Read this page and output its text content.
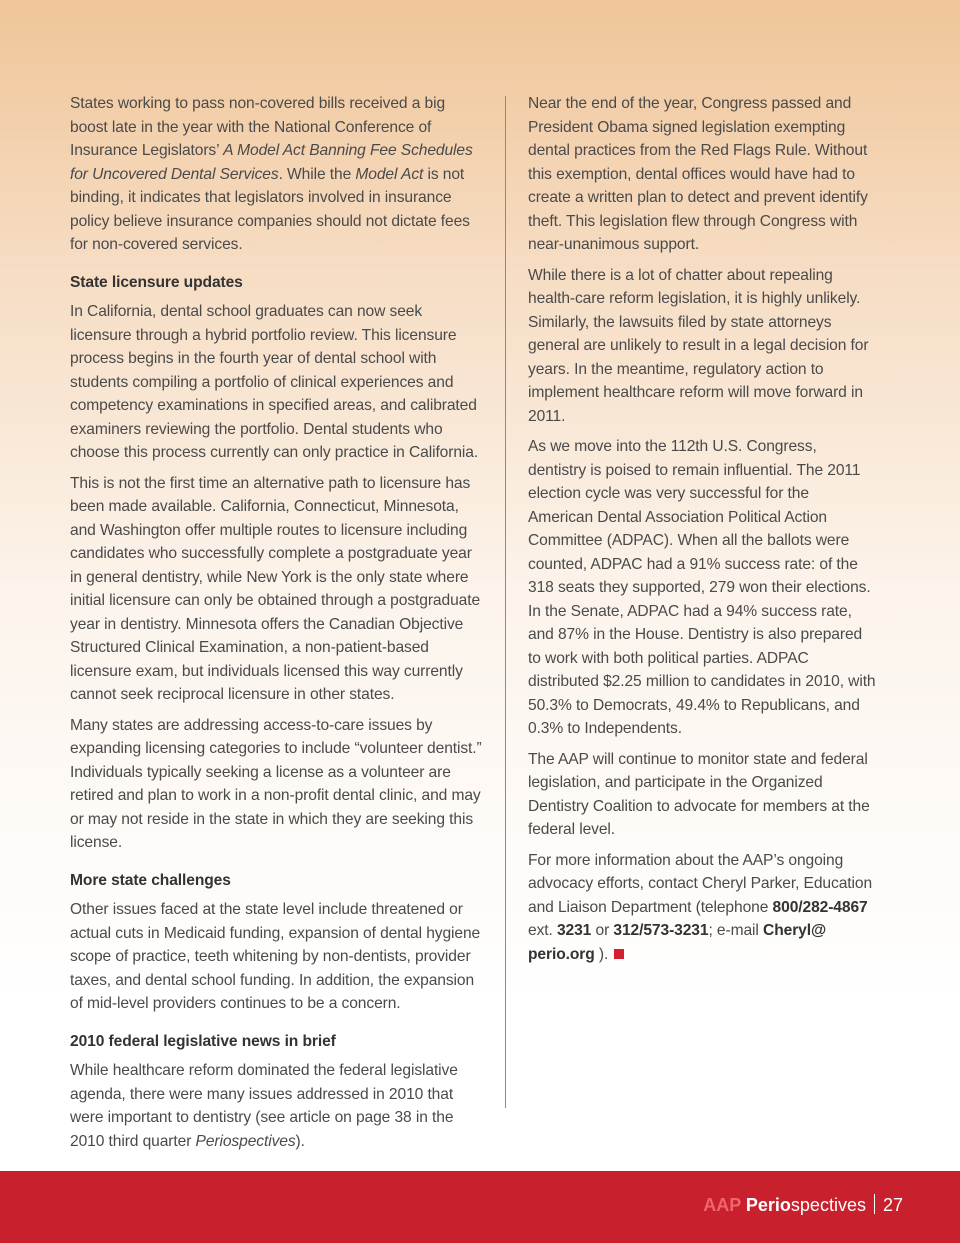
States working to pass non-covered bills received a big boost late in the year with the National Conference of Insurance Legislators’ A Model Act Banning Fee Schedules for Uncovered Dental Services. While the Model Act is not binding, it indicates that legislators involved in insurance policy believe insurance companies should not dictate fees for non-covered services.

State licensure updates

In California, dental school graduates can now seek licensure through a hybrid portfolio review. This licensure process begins in the fourth year of dental school with students compiling a portfolio of clinical experiences and competency examinations in specified areas, and calibrated examiners reviewing the portfolio. Dental students who choose this process currently can only practice in California.

This is not the first time an alternative path to licensure has been made available. California, Connecticut, Minnesota, and Washington offer multiple routes to licensure including candidates who successfully complete a postgraduate year in general dentistry, while New York is the only state where initial licensure can only be obtained through a postgraduate year in dentistry. Minnesota offers the Canadian Objective Structured Clinical Examination, a non-patient-based licensure exam, but individuals licensed this way currently cannot seek reciprocal licensure in other states.

Many states are addressing access-to-care issues by expanding licensing categories to include “volunteer dentist.” Individuals typically seeking a license as a volunteer are retired and plan to work in a non-profit dental clinic, and may or may not reside in the state in which they are seeking this license.

More state challenges

Other issues faced at the state level include threatened or actual cuts in Medicaid funding, expansion of dental hygiene scope of practice, teeth whitening by non-dentists, provider taxes, and dental school funding. In addition, the expansion of mid-level providers continues to be a concern.

2010 federal legislative news in brief

While healthcare reform dominated the federal legislative agenda, there were many issues addressed in 2010 that were important to dentistry (see article on page 38 in the 2010 third quarter Periospectives).

Near the end of the year, Congress passed and President Obama signed legislation exempting dental practices from the Red Flags Rule. Without this exemption, dental offices would have had to create a written plan to detect and prevent identify theft. This legislation flew through Congress with near-unanimous support.

While there is a lot of chatter about repealing health-care reform legislation, it is highly unlikely. Similarly, the lawsuits filed by state attorneys general are unlikely to result in a legal decision for years. In the meantime, regulatory action to implement healthcare reform will move forward in 2011.

As we move into the 112th U.S. Congress, dentistry is poised to remain influential. The 2011 election cycle was very successful for the American Dental Association Political Action Committee (ADPAC). When all the ballots were counted, ADPAC had a 91% success rate: of the 318 seats they supported, 279 won their elections. In the Senate, ADPAC had a 94% success rate, and 87% in the House. Dentistry is also prepared to work with both political parties. ADPAC distributed $2.25 million to candidates in 2010, with 50.3% to Democrats, 49.4% to Republicans, and 0.3% to Independents.

The AAP will continue to monitor state and federal legislation, and participate in the Organized Dentistry Coalition to advocate for members at the federal level.

For more information about the AAP’s ongoing advocacy efforts, contact Cheryl Parker, Education and Liaison Department (telephone 800/282-4867 ext. 3231 or 312/573-3231; e-mail Cheryl@ perio.org ).

AAP Periospectives 27
